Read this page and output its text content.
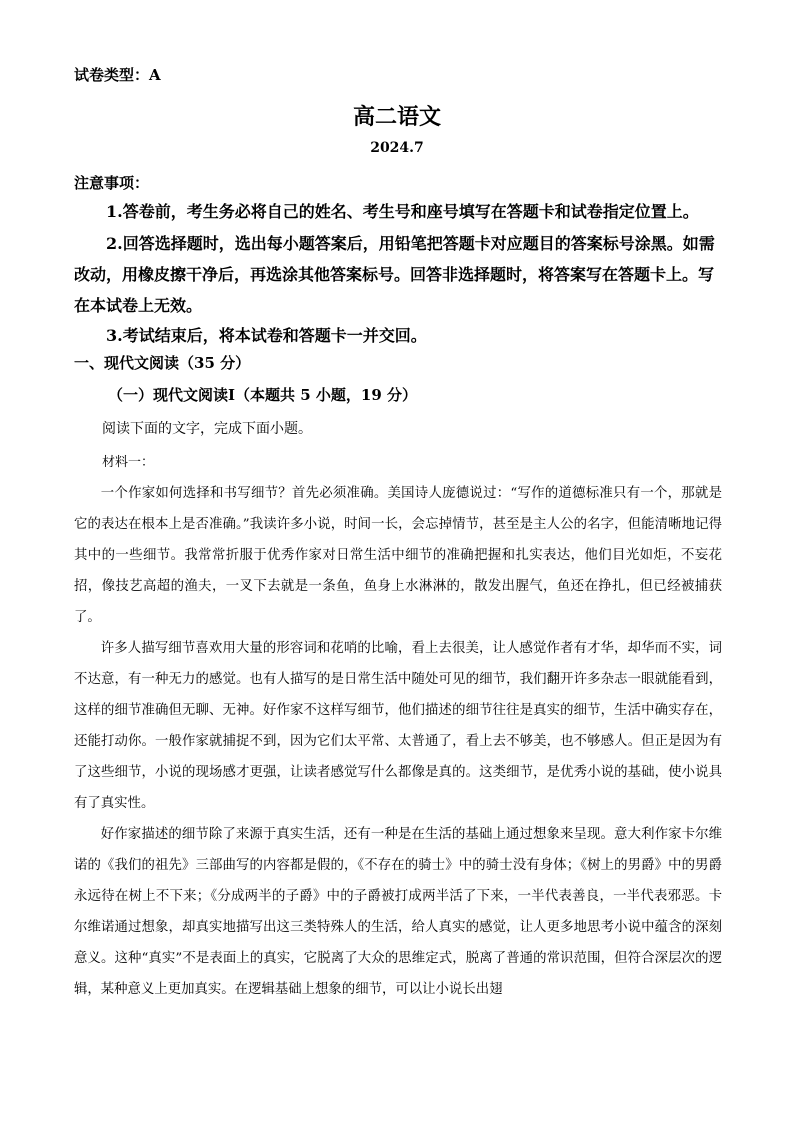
试卷类型：A
高二语文
2024.7
注意事项：

1.答卷前，考生务必将自己的姓名、考生号和座号填写在答题卡和试卷指定位置上。

2.回答选择题时，选出每小题答案后，用铅笔把答题卡对应题目的答案标号涂黑。如需改动，用橡皮擦干净后，再选涂其他答案标号。回答非选择题时，将答案写在答题卡上。写在本试卷上无效。

3.考试结束后，将本试卷和答题卡一并交回。

一、现代文阅读（35 分）
（一）现代文阅读Ⅰ（本题共 5 小题，19 分）
阅读下面的文字，完成下面小题。
材料一：

一个作家如何选择和书写细节？首先必须准确。美国诗人庞德说过：“写作的道德标准只有一个，那就是它的表达在根本上是否准确。”我读许多小说，时间一长，会忘掉情节，甚至是主人公的名字，但能清晰地记得其中的一些细节。我常常折服于优秀作家对日常生活中细节的准确把握和扎实表达，他们目光如炬，不妄花招，像技艺高超的渔夫，一叉下去就是一条鱼，鱼身上水淋淋的，散发出腥气，鱼还在挣扎，但已经被捕获了。

许多人描写细节喜欢用大量的形容词和花哨的比喻，看上去很美，让人感觉作者有才华，却华而不实，词不达意，有一种无力的感觉。也有人描写的是日常生活中随处可见的细节，我们翻开许多杂志一眼就能看到，这样的细节准确但无聊、无神。好作家不这样写细节，他们描述的细节往往是真实的细节，生活中确实存在，还能打动你。一般作家就捕捉不到，因为它们太平常、太普通了，看上去不够美，也不够感人。但正是因为有了这些细节，小说的现场感才更强，让读者感觉写什么都像是真的。这类细节，是优秀小说的基础，使小说具有了真实性。

好作家描述的细节除了来源于真实生活，还有一种是在生活的基础上通过想象来呈现。意大利作家卡尔维诺的《我们的祖先》三部曲写的内容都是假的，《不存在的骑士》中的骑士没有身体；《树上的男爵》中的男爵永远待在树上不下来；《分成两半的子爵》中的子爵被打成两半活了下来，一半代表善良，一半代表邪恶。卡尔维诺通过想象，却真实地描写出这三类特殊人的生活，给人真实的感觉，让人更多地思考小说中蕴含的深刻意义。这种“真实”不是表面上的真实，它脱离了大众的思维定式，脱离了普通的常识范围，但符合深层次的逻辑，某种意义上更加真实。在逻辑基础上想象的细节，可以让小说长出翅
